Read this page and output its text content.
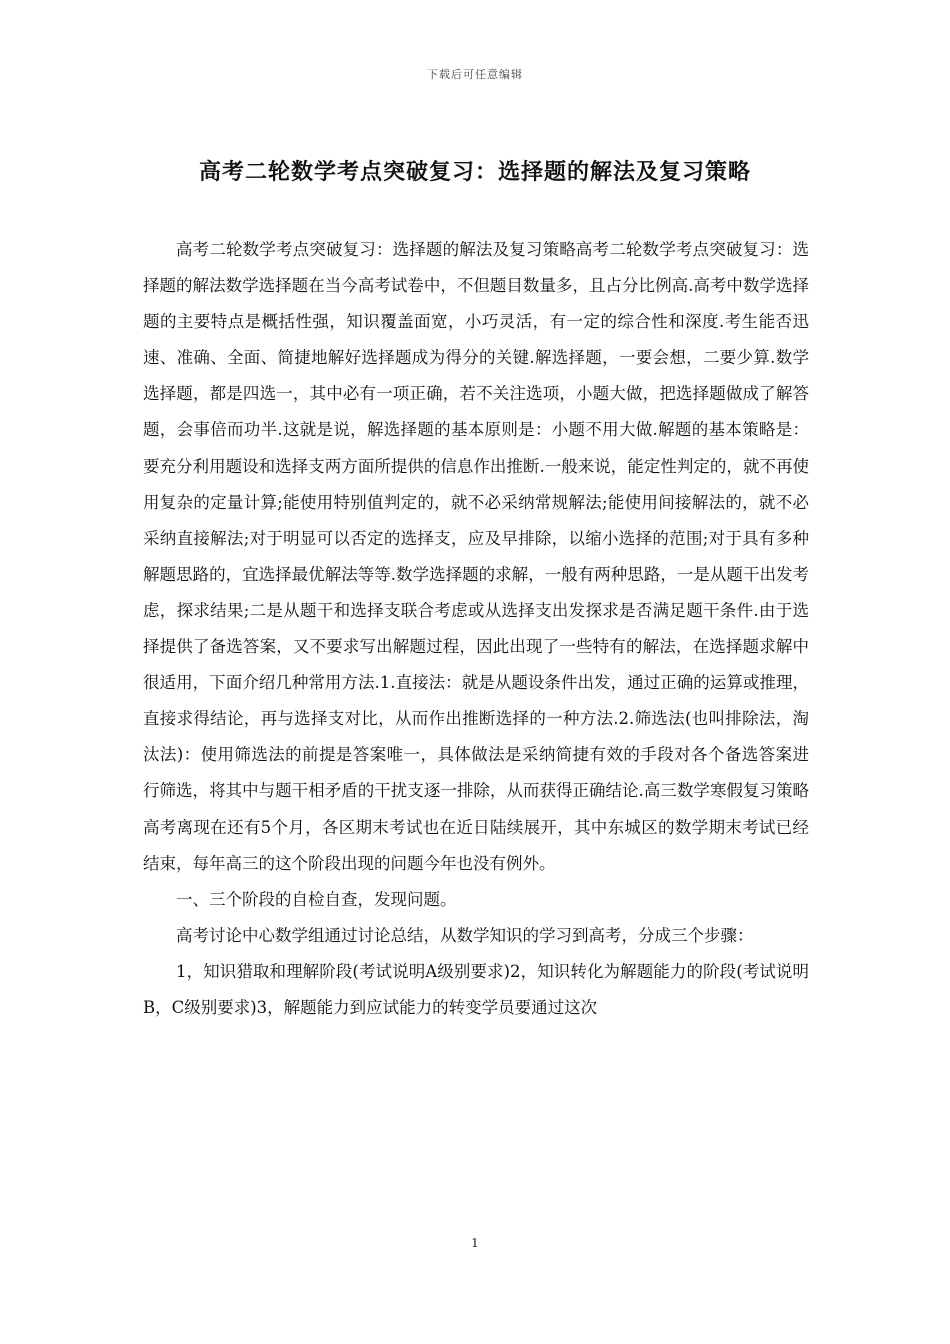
下载后可任意编辑
高考二轮数学考点突破复习：选择题的解法及复习策略

高考二轮数学考点突破复习：选择题的解法及复习策略高考二轮数学考点突破复习：选择题的解法数学选择题在当今高考试卷中，不但题目数量多，且占分比例高.高考中数学选择题的主要特点是概括性强，知识覆盖面宽，小巧灵活，有一定的综合性和深度.考生能否迅速、准确、全面、简捷地解好选择题成为得分的关键.解选择题，一要会想，二要少算.数学选择题，都是四选一，其中必有一项正确，若不关注选项，小题大做，把选择题做成了解答题，会事倍而功半.这就是说，解选择题的基本原则是：小题不用大做.解题的基本策略是：要充分利用题设和选择支两方面所提供的信息作出推断.一般来说，能定性判定的，就不再使用复杂的定量计算;能使用特别值判定的，就不必采纳常规解法;能使用间接解法的，就不必采纳直接解法;对于明显可以否定的选择支，应及早排除，以缩小选择的范围;对于具有多种解题思路的，宜选择最优解法等等.数学选择题的求解，一般有两种思路，一是从题干出发考虑，探求结果;二是从题干和选择支联合考虑或从选择支出发探求是否满足题干条件.由于选择提供了备选答案，又不要求写出解题过程，因此出现了一些特有的解法，在选择题求解中很适用，下面介绍几种常用方法.1.直接法：就是从题设条件出发，通过正确的运算或推理，直接求得结论，再与选择支对比，从而作出推断选择的一种方法.2.筛选法(也叫排除法，淘汰法)：使用筛选法的前提是答案唯一，具体做法是采纳简捷有效的手段对各个备选答案进行筛选，将其中与题干相矛盾的干扰支逐一排除，从而获得正确结论.高三数学寒假复习策略高考离现在还有5个月，各区期末考试也在近日陆续展开，其中东城区的数学期末考试已经结束，每年高三的这个阶段出现的问题今年也没有例外。

一、三个阶段的自检自查，发现问题。

高考讨论中心数学组通过讨论总结，从数学知识的学习到高考，分成三个步骤：

1，知识猎取和理解阶段(考试说明A级别要求)2，知识转化为解题能力的阶段(考试说明B，C级别要求)3，解题能力到应试能力的转变学员要通过这次

1
